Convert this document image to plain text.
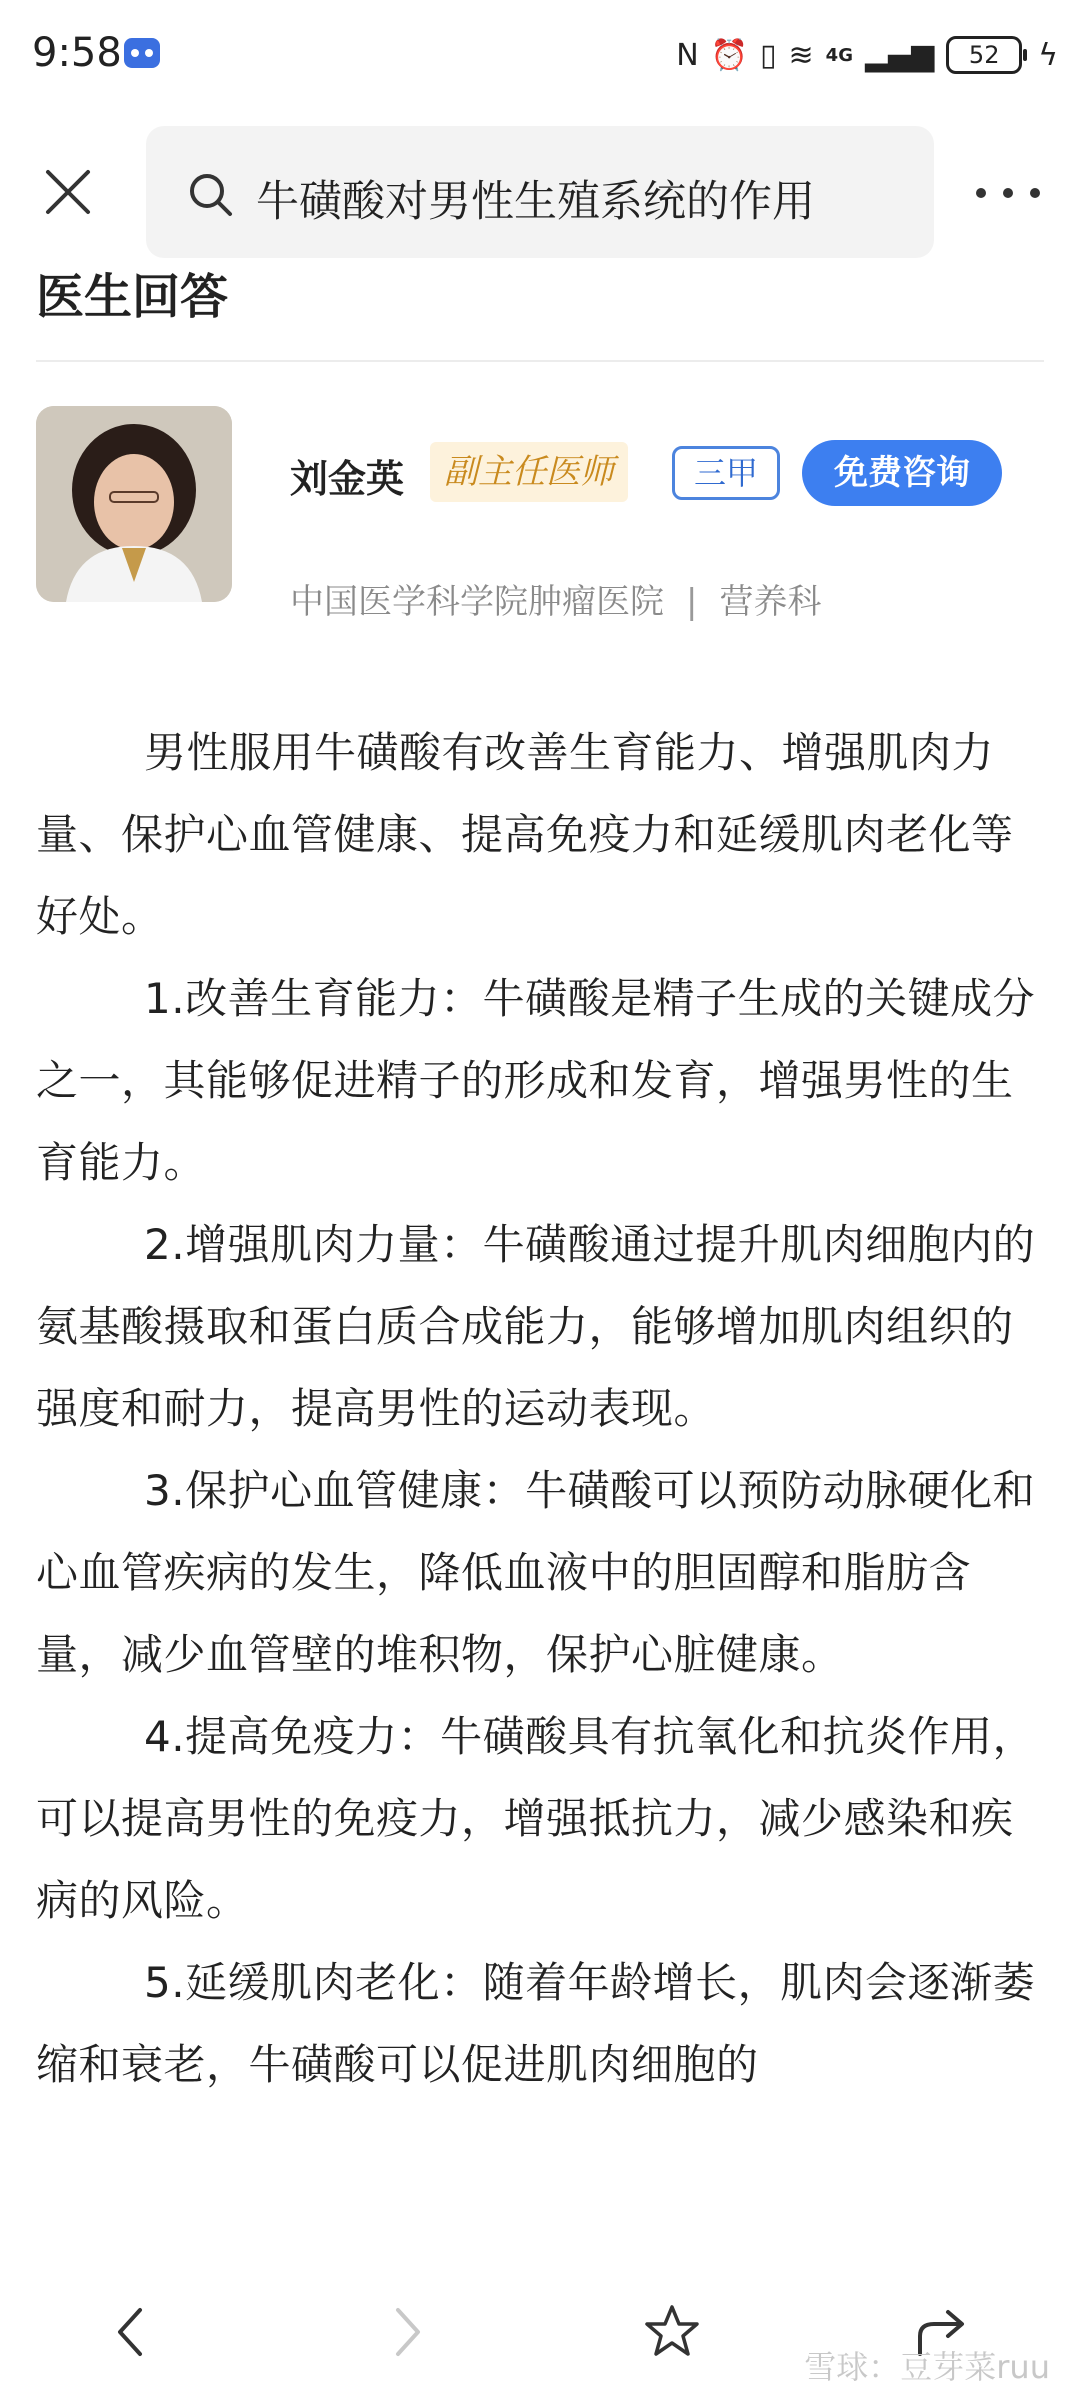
9:58	N ⏰ ▯ ≋ 4G ▂▄▆	52	ϟ
牛磺酸对男性生殖系统的作用
医生回答
刘金英	副主任医师	三甲	免费咨询
中国医学科学院肿瘤医院 | 营养科

男性服用牛磺酸有改善生育能力、增强肌肉力量、保护心血管健康、提高免疫力和延缓肌肉老化等好处。

1.改善生育能力：牛磺酸是精子生成的关键成分之一，其能够促进精子的形成和发育，增强男性的生育能力。

2.增强肌肉力量：牛磺酸通过提升肌肉细胞内的氨基酸摄取和蛋白质合成能力，能够增加肌肉组织的强度和耐力，提高男性的运动表现。

3.保护心血管健康：牛磺酸可以预防动脉硬化和心血管疾病的发生，降低血液中的胆固醇和脂肪含量，减少血管壁的堆积物，保护心脏健康。

4.提高免疫力：牛磺酸具有抗氧化和抗炎作用，可以提高男性的免疫力，增强抵抗力，减少感染和疾病的风险。

5.延缓肌肉老化：随着年龄增长，肌肉会逐渐萎缩和衰老，牛磺酸可以促进肌肉细胞的

雪球：豆芽菜ruu
